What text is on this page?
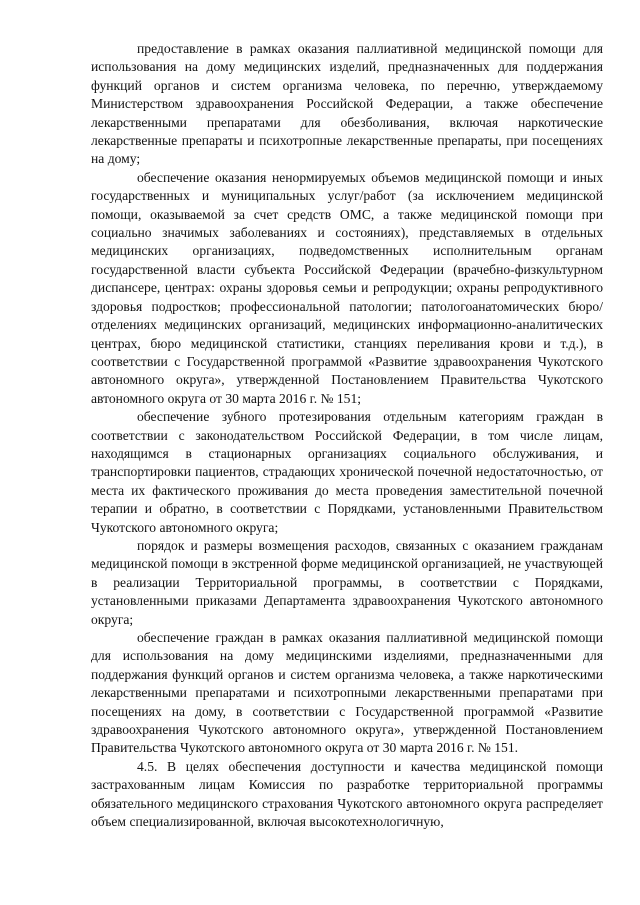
предоставление в рамках оказания паллиативной медицинской помощи для использования на дому медицинских изделий, предназначенных для поддержания функций органов и систем организма человека, по перечню, утверждаемому Министерством здравоохранения Российской Федерации, а также обеспечение лекарственными препаратами для обезболивания, включая наркотические лекарственные препараты и психотропные лекарственные препараты, при посещениях на дому;

обеспечение оказания ненормируемых объемов медицинской помощи и иных государственных и муниципальных услуг/работ (за исключением медицинской помощи, оказываемой за счет средств ОМС, а также медицинской помощи при социально значимых заболеваниях и состояниях), представляемых в отдельных медицинских организациях, подведомственных исполнительным органам государственной власти субъекта Российской Федерации (врачебно-физкультурном диспансере, центрах: охраны здоровья семьи и репродукции; охраны репродуктивного здоровья подростков; профессиональной патологии; патологоанатомических бюро/отделениях медицинских организаций, медицинских информационно-аналитических центрах, бюро медицинской статистики, станциях переливания крови и т.д.), в соответствии с Государственной программой «Развитие здравоохранения Чукотского автономного округа», утвержденной Постановлением Правительства Чукотского автономного округа от 30 марта 2016 г. № 151;

обеспечение зубного протезирования отдельным категориям граждан в соответствии с законодательством Российской Федерации, в том числе лицам, находящимся в стационарных организациях социального обслуживания, и транспортировки пациентов, страдающих хронической почечной недостаточностью, от места их фактического проживания до места проведения заместительной почечной терапии и обратно, в соответствии с Порядками, установленными Правительством Чукотского автономного округа;

порядок и размеры возмещения расходов, связанных с оказанием гражданам медицинской помощи в экстренной форме медицинской организацией, не участвующей в реализации Территориальной программы, в соответствии с Порядками, установленными приказами Департамента здравоохранения Чукотского автономного округа;

обеспечение граждан в рамках оказания паллиативной медицинской помощи для использования на дому медицинскими изделиями, предназначенными для поддержания функций органов и систем организма человека, а также наркотическими лекарственными препаратами и психотропными лекарственными препаратами при посещениях на дому, в соответствии с Государственной программой «Развитие здравоохранения Чукотского автономного округа», утвержденной Постановлением Правительства Чукотского автономного округа от 30 марта 2016 г. № 151.

4.5. В целях обеспечения доступности и качества медицинской помощи застрахованным лицам Комиссия по разработке территориальной программы обязательного медицинского страхования Чукотского автономного округа распределяет объем специализированной, включая высокотехнологичную,
